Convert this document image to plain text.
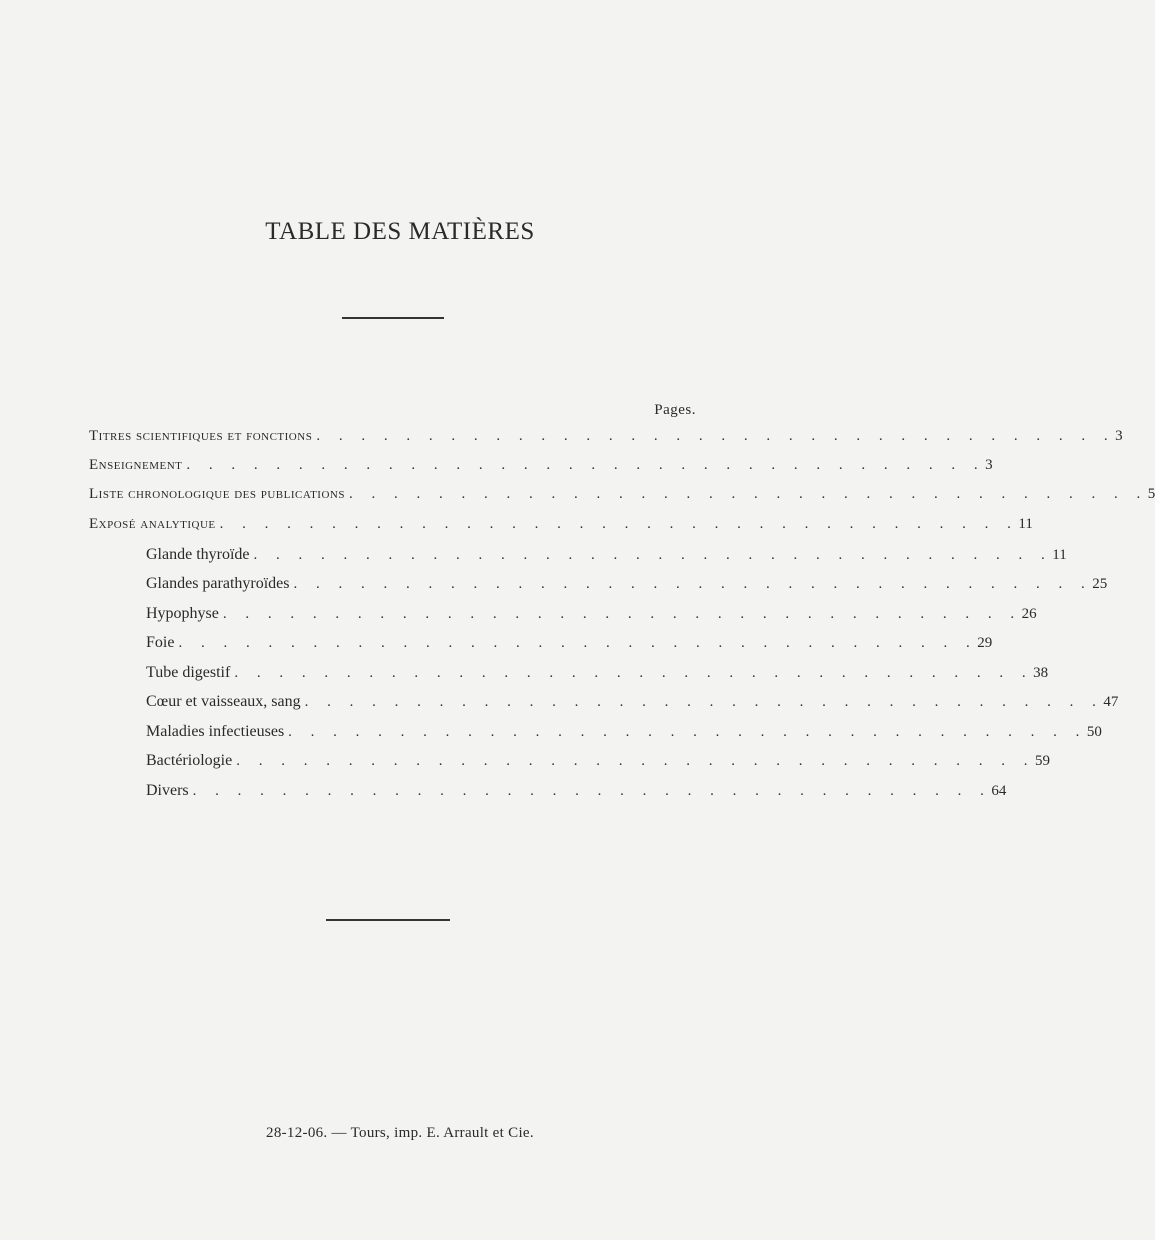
TABLE DES MATIÈRES
Pages.
Titres scientifiques et fonctions . . . . . . . . . . . . . . . . . . . . . . . . . . . . . . . . . . . . 3
Enseignement . . . . . . . . . . . . . . . . . . . . . . . . . . . . . . . . . . . . 3
Liste chronologique des publications . . . . . . . . . . . . . . . . . . . . . . . . . . . . . . . . . . . . 5
Exposé analytique . . . . . . . . . . . . . . . . . . . . . . . . . . . . . . . . . . . . 11
Glande thyroïde . . . . . . . . . . . . . . . . . . . . . . . . . . . . . . . . . . . . 11
Glandes parathyroïdes . . . . . . . . . . . . . . . . . . . . . . . . . . . . . . . . . . . . 25
Hypophyse . . . . . . . . . . . . . . . . . . . . . . . . . . . . . . . . . . . . 26
Foie . . . . . . . . . . . . . . . . . . . . . . . . . . . . . . . . . . . . 29
Tube digestif . . . . . . . . . . . . . . . . . . . . . . . . . . . . . . . . . . . . 38
Cœur et vaisseaux, sang . . . . . . . . . . . . . . . . . . . . . . . . . . . . . . . . . . . . 47
Maladies infectieuses . . . . . . . . . . . . . . . . . . . . . . . . . . . . . . . . . . . . 50
Bactériologie . . . . . . . . . . . . . . . . . . . . . . . . . . . . . . . . . . . . 59
Divers . . . . . . . . . . . . . . . . . . . . . . . . . . . . . . . . . . . . 64
28-12-06. — Tours, imp. E. Arrault et Cie.
